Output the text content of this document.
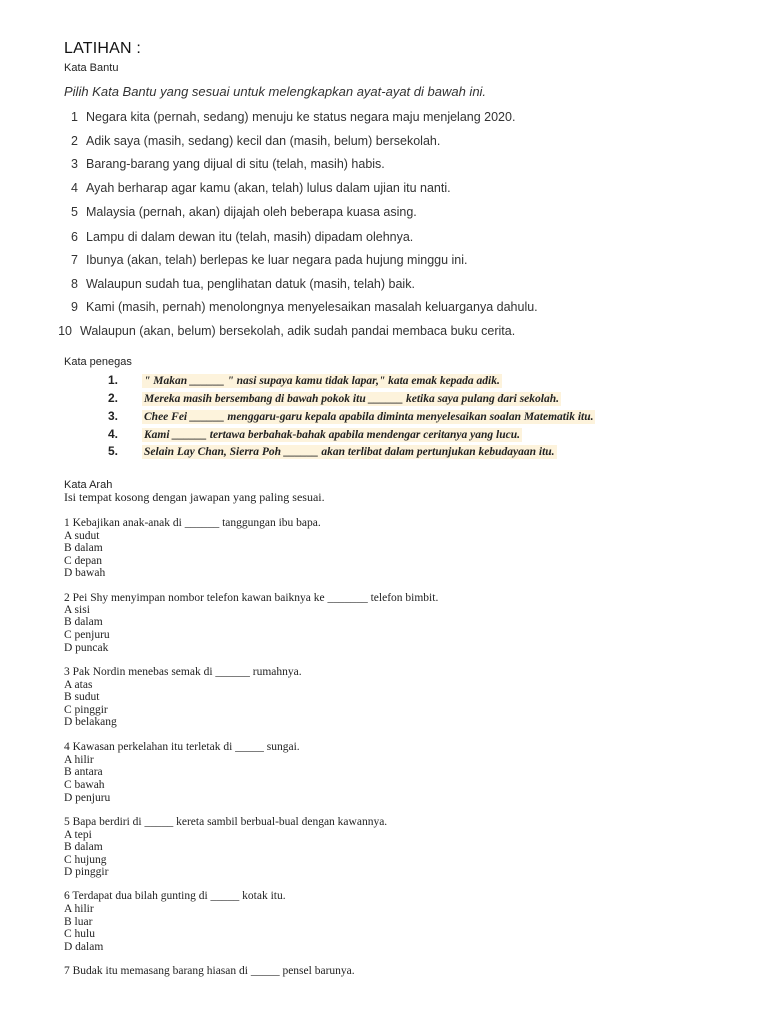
LATIHAN :
Kata Bantu
Pilih Kata Bantu yang sesuai untuk melengkapkan ayat-ayat di bawah ini.
1 Negara kita (pernah, sedang) menuju ke status negara maju menjelang 2020.
2 Adik saya (masih, sedang) kecil dan (masih, belum) bersekolah.
3 Barang-barang yang dijual di situ (telah, masih) habis.
4 Ayah berharap agar kamu (akan, telah) lulus dalam ujian itu nanti.
5 Malaysia (pernah, akan) dijajah oleh beberapa kuasa asing.
6 Lampu di dalam dewan itu (telah, masih) dipadam olehnya.
7 Ibunya (akan, telah) berlepas ke luar negara pada hujung minggu ini.
8 Walaupun sudah tua, penglihatan datuk (masih, telah) baik.
9 Kami (masih, pernah) menolongnya menyelesaikan masalah keluarganya dahulu.
10 Walaupun (akan, belum) bersekolah, adik sudah pandai membaca buku cerita.
Kata penegas
1. " Makan ______ " nasi supaya kamu tidak lapar," kata emak kepada adik.
2. Mereka masih bersembang di bawah pokok itu ______ ketika saya pulang dari sekolah.
3. Chee Fei ______ menggaru-garu kepala apabila diminta menyelesaikan soalan Matematik itu.
4. Kami ______ tertawa berbahak-bahak apabila mendengar ceritanya yang lucu.
5. Selain Lay Chan, Sierra Poh ______ akan terlibat dalam pertunjukan kebudayaan itu.
Kata Arah
Isi tempat kosong dengan jawapan yang paling sesuai.
1 Kebajikan anak-anak di ______ tanggungan ibu bapa.
A sudut
B dalam
C depan
D bawah
2 Pei Shy menyimpan nombor telefon kawan baiknya ke _______ telefon bimbit.
A sisi
B dalam
C penjuru
D puncak
3 Pak Nordin menebas semak di ______ rumahnya.
A atas
B sudut
C pinggir
D belakang
4 Kawasan perkelahan itu terletak di _____ sungai.
A hilir
B antara
C bawah
D penjuru
5 Bapa berdiri di _____ kereta sambil berbual-bual dengan kawannya.
A tepi
B dalam
C hujung
D pinggir
6 Terdapat dua bilah gunting di _____ kotak itu.
A hilir
B luar
C hulu
D dalam
7 Budak itu memasang barang hiasan di _____ pensel barunya.
